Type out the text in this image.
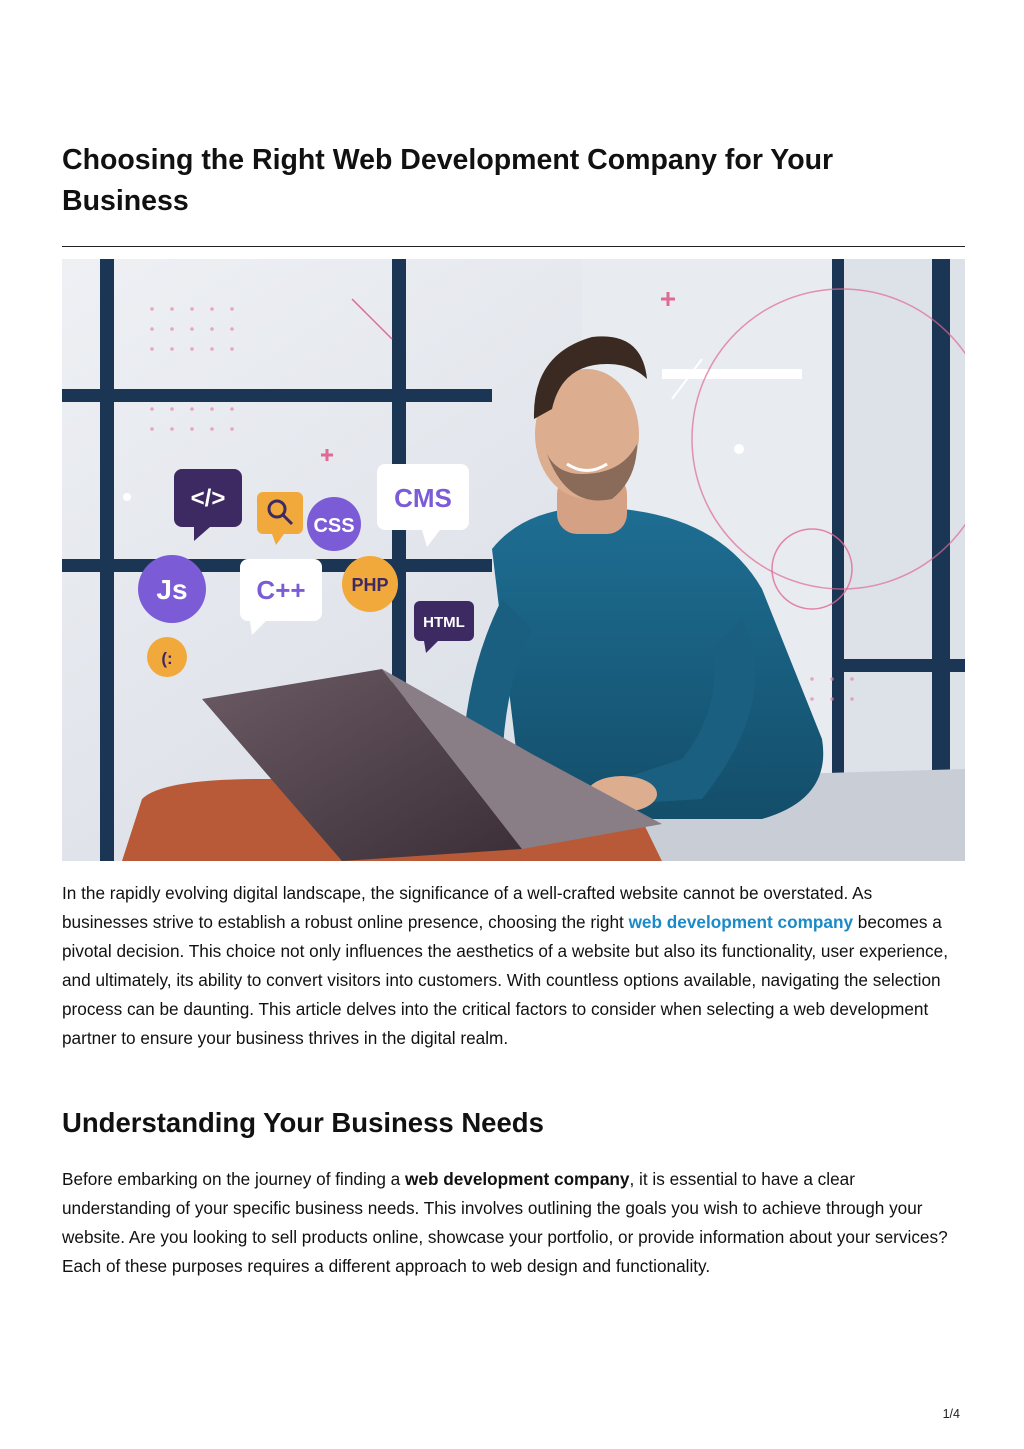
Choosing the Right Web Development Company for Your Business
</>
CSS
CMS
Js	C++	PHP
HTML
(:

In the rapidly evolving digital landscape, the significance of a well-crafted website cannot be overstated. As businesses strive to establish a robust online presence, choosing the right web development company becomes a pivotal decision. This choice not only influences the aesthetics of a website but also its functionality, user experience, and ultimately, its ability to convert visitors into customers. With countless options available, navigating the selection process can be daunting. This article delves into the critical factors to consider when selecting a web development partner to ensure your business thrives in the digital realm.

Understanding Your Business Needs

Before embarking on the journey of finding a web development company, it is essential to have a clear understanding of your specific business needs. This involves outlining the goals you wish to achieve through your website. Are you looking to sell products online, showcase your portfolio, or provide information about your services? Each of these purposes requires a different approach to web design and functionality.

1/4
